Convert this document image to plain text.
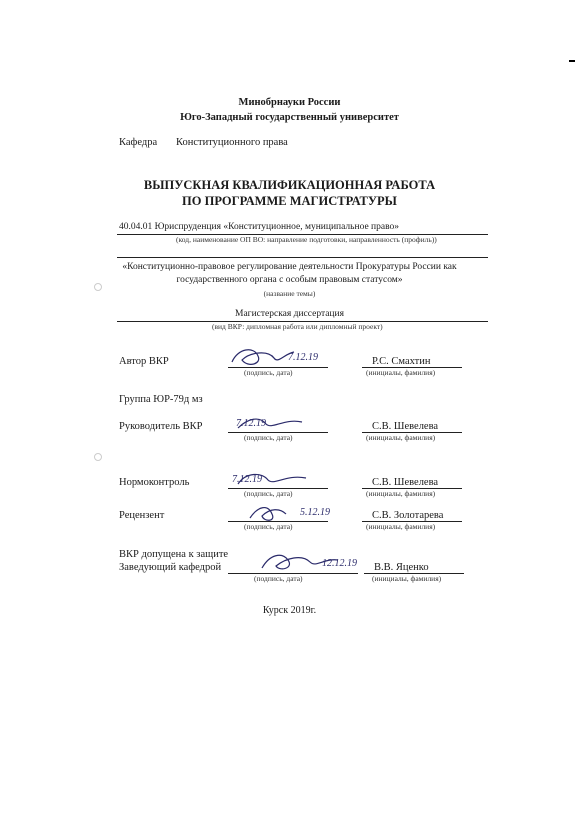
Минобрнауки России
Юго-Западный государственный университет
Кафедра Конституционного права
ВЫПУСКНАЯ КВАЛИФИКАЦИОННАЯ РАБОТА
ПО ПРОГРАММЕ МАГИСТРАТУРЫ
40.04.01 Юриспруденция «Конституционное, муниципальное право»
(код, наименование ОП ВО: направление подготовки, направленность (профиль))
«Конституционно-правовое регулирование деятельности Прокуратуры России как
государственного органа с особым правовым статусом»
(название темы)
Магистерская диссертация
(вид ВКР: дипломная работа или дипломный проект)
Автор ВКР	7.12.19
(подпись, дата)
Р.С. Смахтин
(инициалы, фамилия)
Группа ЮР-79д мз
Руководитель ВКР	7.12.19
(подпись, дата)
С.В. Шевелева
(инициалы, фамилия)
Нормоконтроль	7.12.19
(подпись, дата)
С.В. Шевелева
(инициалы, фамилия)
Рецензент	5.12.19
(подпись, дата)
С.В. Золотарева
(инициалы, фамилия)
ВКР допущена к защите
Заведующий кафедрой	12.12.19
(подпись, дата)
В.В. Яценко
(инициалы, фамилия)
Курск 2019г.
